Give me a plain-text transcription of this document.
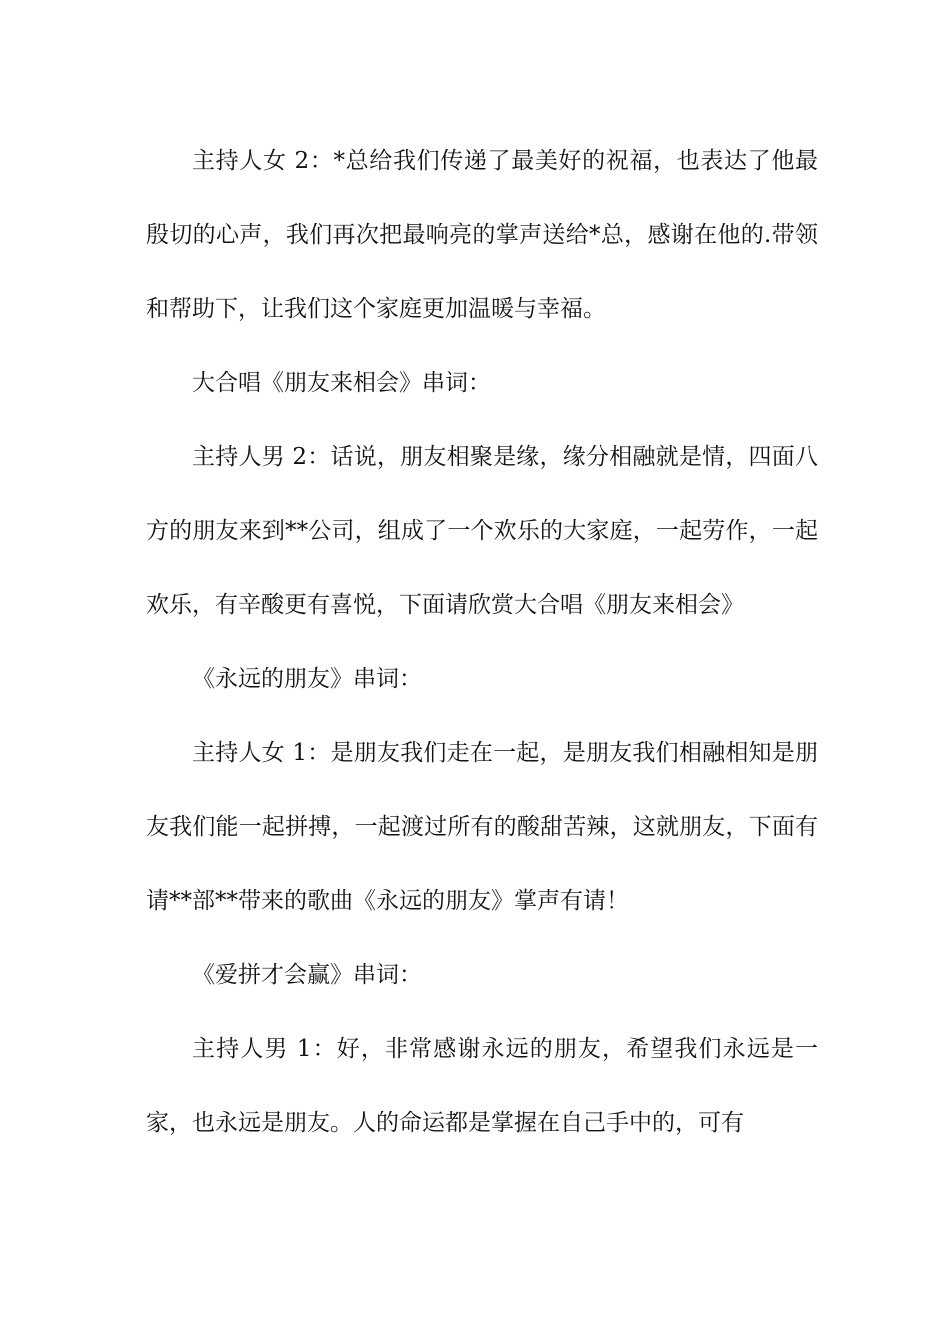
主持人女 2：*总给我们传递了最美好的祝福，也表达了他最殷切的心声，我们再次把最响亮的掌声送给*总，感谢在他的.带领和帮助下，让我们这个家庭更加温暖与幸福。

大合唱《朋友来相会》串词：

主持人男 2：话说，朋友相聚是缘，缘分相融就是情，四面八方的朋友来到**公司，组成了一个欢乐的大家庭，一起劳作，一起欢乐，有辛酸更有喜悦，下面请欣赏大合唱《朋友来相会》

《永远的朋友》串词：

主持人女 1：是朋友我们走在一起，是朋友我们相融相知是朋友我们能一起拼搏，一起渡过所有的酸甜苦辣，这就朋友，下面有请**部**带来的歌曲《永远的朋友》掌声有请！

《爱拼才会赢》串词：

主持人男 1：好，非常感谢永远的朋友，希望我们永远是一家，也永远是朋友。人的命运都是掌握在自己手中的，可有
